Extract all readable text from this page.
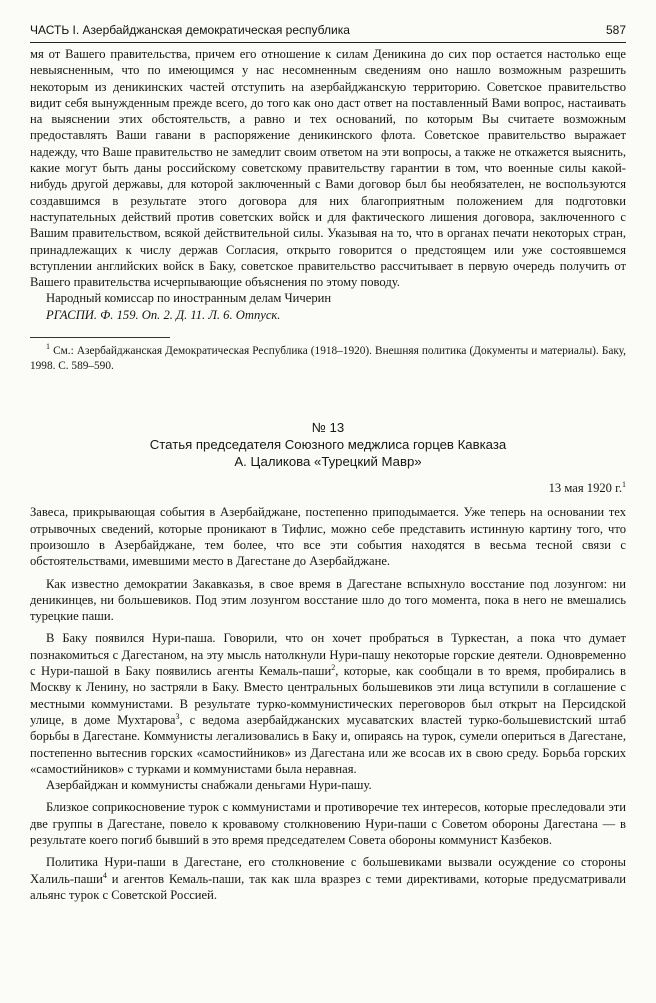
ЧАСТЬ I. Азербайджанская демократическая республика	587

мя от Вашего правительства, причем его отношение к силам Деникина до сих пор остается настолько еще невыясненным, что по имеющимся у нас несомненным сведениям оно нашло возможным разрешить некоторым из деникинских частей отступить на азербайджанскую территорию. Советское правительство видит себя вынужденным прежде всего, до того как оно даст ответ на поставленный Вами вопрос, настаивать на выяснении этих обстоятельств, а равно и тех оснований, по которым Вы считаете возможным предоставлять Ваши гавани в распоряжение деникинского флота. Советское правительство выражает надежду, что Ваше правительство не замедлит своим ответом на эти вопросы, а также не откажется выяснить, какие могут быть даны российскому советскому правительству гарантии в том, что военные силы какой-нибудь другой державы, для которой заключенный с Вами договор был бы необязателен, не воспользуются создавшимся в результате этого договора для них благоприятным положением для подготовки наступательных действий против советских войск и для фактического лишения договора, заключенного с Вашим правительством, всякой действительной силы. Указывая на то, что в органах печати некоторых стран, принадлежащих к числу держав Согласия, открыто говорится о предстоящем или уже состоявшемся вступлении английских войск в Баку, советское правительство рассчитывает в первую очередь получить от Вашего правительства исчерпывающие объяснения по этому поводу.

Народный комиссар по иностранным делам Чичерин

РГАСПИ. Ф. 159. Оп. 2. Д. 11. Л. 6. Отпуск.

$^1$ См.: Азербайджанская Демократическая Республика (1918–1920). Внешняя политика (Документы и материалы). Баку, 1998. С. 589–590.

№ 13
Статья председателя Союзного меджлиса горцев Кавказа
А. Цаликова «Турецкий Мавр»
13 мая 1920 г.$^1$

Завеса, прикрывающая события в Азербайджане, постепенно приподымается. Уже теперь на основании тех отрывочных сведений, которые проникают в Тифлис, можно себе представить истинную картину того, что произошло в Азербайджане, тем более, что все эти события находятся в весьма тесной связи с обстоятельствами, имевшими место в Дагестане до Азербайджане.

Как известно демократии Закавказья, в свое время в Дагестане вспыхнуло восстание под лозунгом: ни деникинцев, ни большевиков. Под этим лозунгом восстание шло до того момента, пока в него не вмешались турецкие паши.

В Баку появился Нури-паша. Говорили, что он хочет пробраться в Туркестан, а пока что думает познакомиться с Дагестаном, на эту мысль натолкнули Нури-пашу некоторые горские деятели. Одновременно с Нури-пашой в Баку появились агенты Кемаль-паши$^2$, которые, как сообщали в то время, пробирались в Москву к Ленину, но застряли в Баку. Вместо центральных большевиков эти лица вступили в соглашение с местными коммунистами. В результате турко-коммунистических переговоров был открыт на Персидской улице, в доме Мухтарова$^3$, с ведома азербайджанских мусаватских властей турко-большевистский штаб борьбы в Дагестане. Коммунисты легализовались в Баку и, опираясь на турок, сумели опериться в Дагестане, постепенно вытеснив горских «самостийников» из Дагестана или же всосав их в свою среду. Борьба горских «самостийников» с турками и коммунистами была неравная.

Азербайджан и коммунисты снабжали деньгами Нури-пашу.

Близкое соприкосновение турок с коммунистами и противоречие тех интересов, которые преследовали эти две группы в Дагестане, повело к кровавому столкновению Нури-паши с Советом обороны Дагестана — в результате коего погиб бывший в это время председателем Совета обороны коммунист Казбеков.

Политика Нури-паши в Дагестане, его столкновение с большевиками вызвали осуждение со стороны Халиль-паши$^4$ и агентов Кемаль-паши, так как шла вразрез с теми директивами, которые предусматривали альянс турок с Советской Россией.
